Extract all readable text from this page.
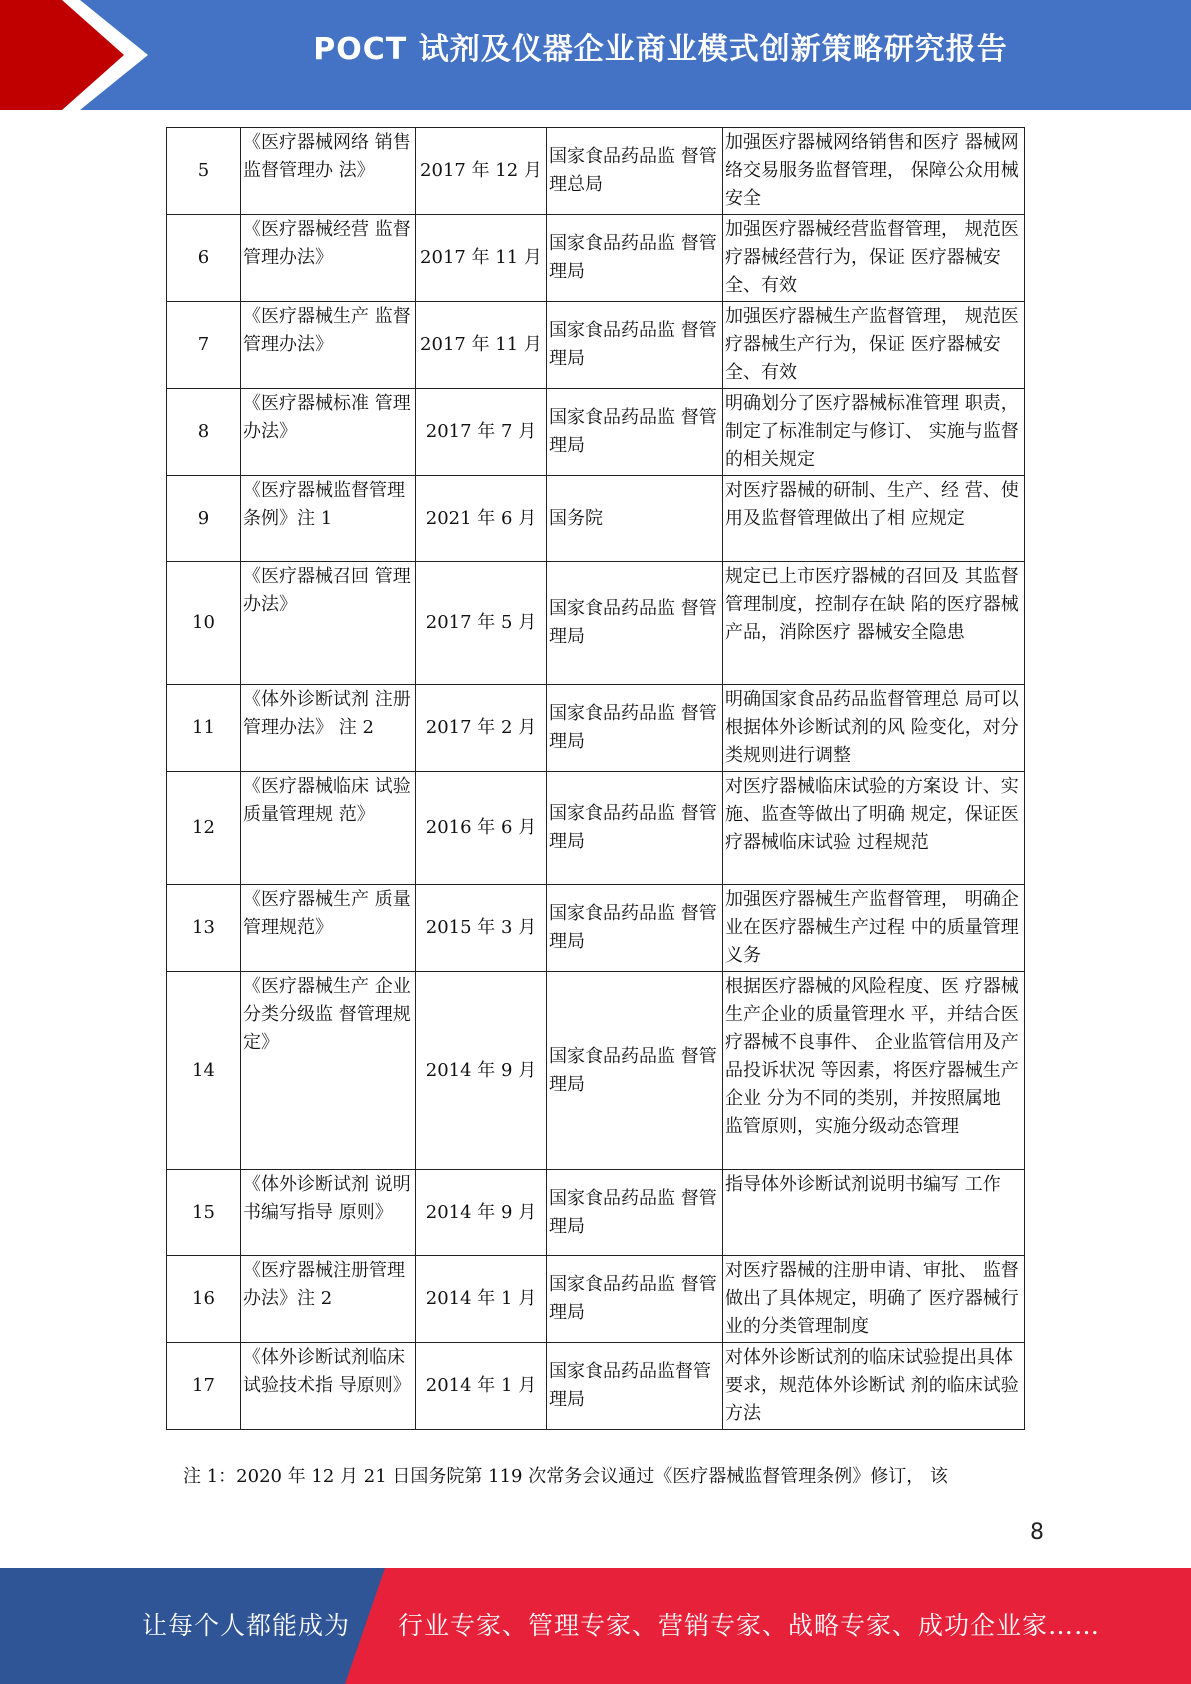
POCT 试剂及仪器企业商业模式创新策略研究报告
5	《医疗器械网络 销售监督管理办 法》	2017 年 12 月	国家食品药品监 督管理总局	加强医疗器械网络销售和医疗 器械网络交易服务监督管理， 保障公众用械安全
6	《医疗器械经营 监督管理办法》	2017 年 11 月	国家食品药品监 督管理局	加强医疗器械经营监督管理， 规范医疗器械经营行为，保证 医疗器械安全、有效
7	《医疗器械生产 监督管理办法》	2017 年 11 月	国家食品药品监 督管理局	加强医疗器械生产监督管理， 规范医疗器械生产行为，保证 医疗器械安全、有效
8	《医疗器械标准 管理办法》	2017 年 7 月	国家食品药品监 督管理局	明确划分了医疗器械标准管理 职责，制定了标准制定与修订、 实施与监督的相关规定
9	《医疗器械监督管理条例》注 1	2021 年 6 月	国务院	对医疗器械的研制、生产、经 营、使用及监督管理做出了相 应规定
10	《医疗器械召回 管理办法》	2017 年 5 月	国家食品药品监 督管理局	规定已上市医疗器械的召回及 其监督管理制度，控制存在缺 陷的医疗器械产品，消除医疗 器械安全隐患
11	《体外诊断试剂 注册管理办法》 注 2	2017 年 2 月	国家食品药品监 督管理局	明确国家食品药品监督管理总 局可以根据体外诊断试剂的风 险变化，对分类规则进行调整
12	《医疗器械临床 试验质量管理规 范》	2016 年 6 月	国家食品药品监 督管理局	对医疗器械临床试验的方案设 计、实施、监查等做出了明确 规定，保证医疗器械临床试验 过程规范
13	《医疗器械生产 质量管理规范》	2015 年 3 月	国家食品药品监 督管理局	加强医疗器械生产监督管理， 明确企业在医疗器械生产过程 中的质量管理义务
14	《医疗器械生产 企业分类分级监 督管理规定》	2014 年 9 月	国家食品药品监 督管理局	根据医疗器械的风险程度、医 疗器械生产企业的质量管理水 平，并结合医疗器械不良事件、 企业监管信用及产品投诉状况 等因素，将医疗器械生产企业 分为不同的类别，并按照属地 监管原则，实施分级动态管理
15	《体外诊断试剂 说明书编写指导 原则》	2014 年 9 月	国家食品药品监 督管理局	指导体外诊断试剂说明书编写 工作
16	《医疗器械注册管理办法》注 2	2014 年 1 月	国家食品药品监 督管理局	对医疗器械的注册申请、审批、 监督做出了具体规定，明确了 医疗器械行业的分类管理制度
17	《体外诊断试剂临床试验技术指 导原则》	2014 年 1 月	国家食品药品监督管理局	对体外诊断试剂的临床试验提出具体要求，规范体外诊断试 剂的临床试验方法
注 1：2020 年 12 月 21 日国务院第 119 次常务会议通过《医疗器械监督管理条例》修订， 该
8
让每个人都能成为 行业专家、管理专家、营销专家、战略专家、成功企业家……
